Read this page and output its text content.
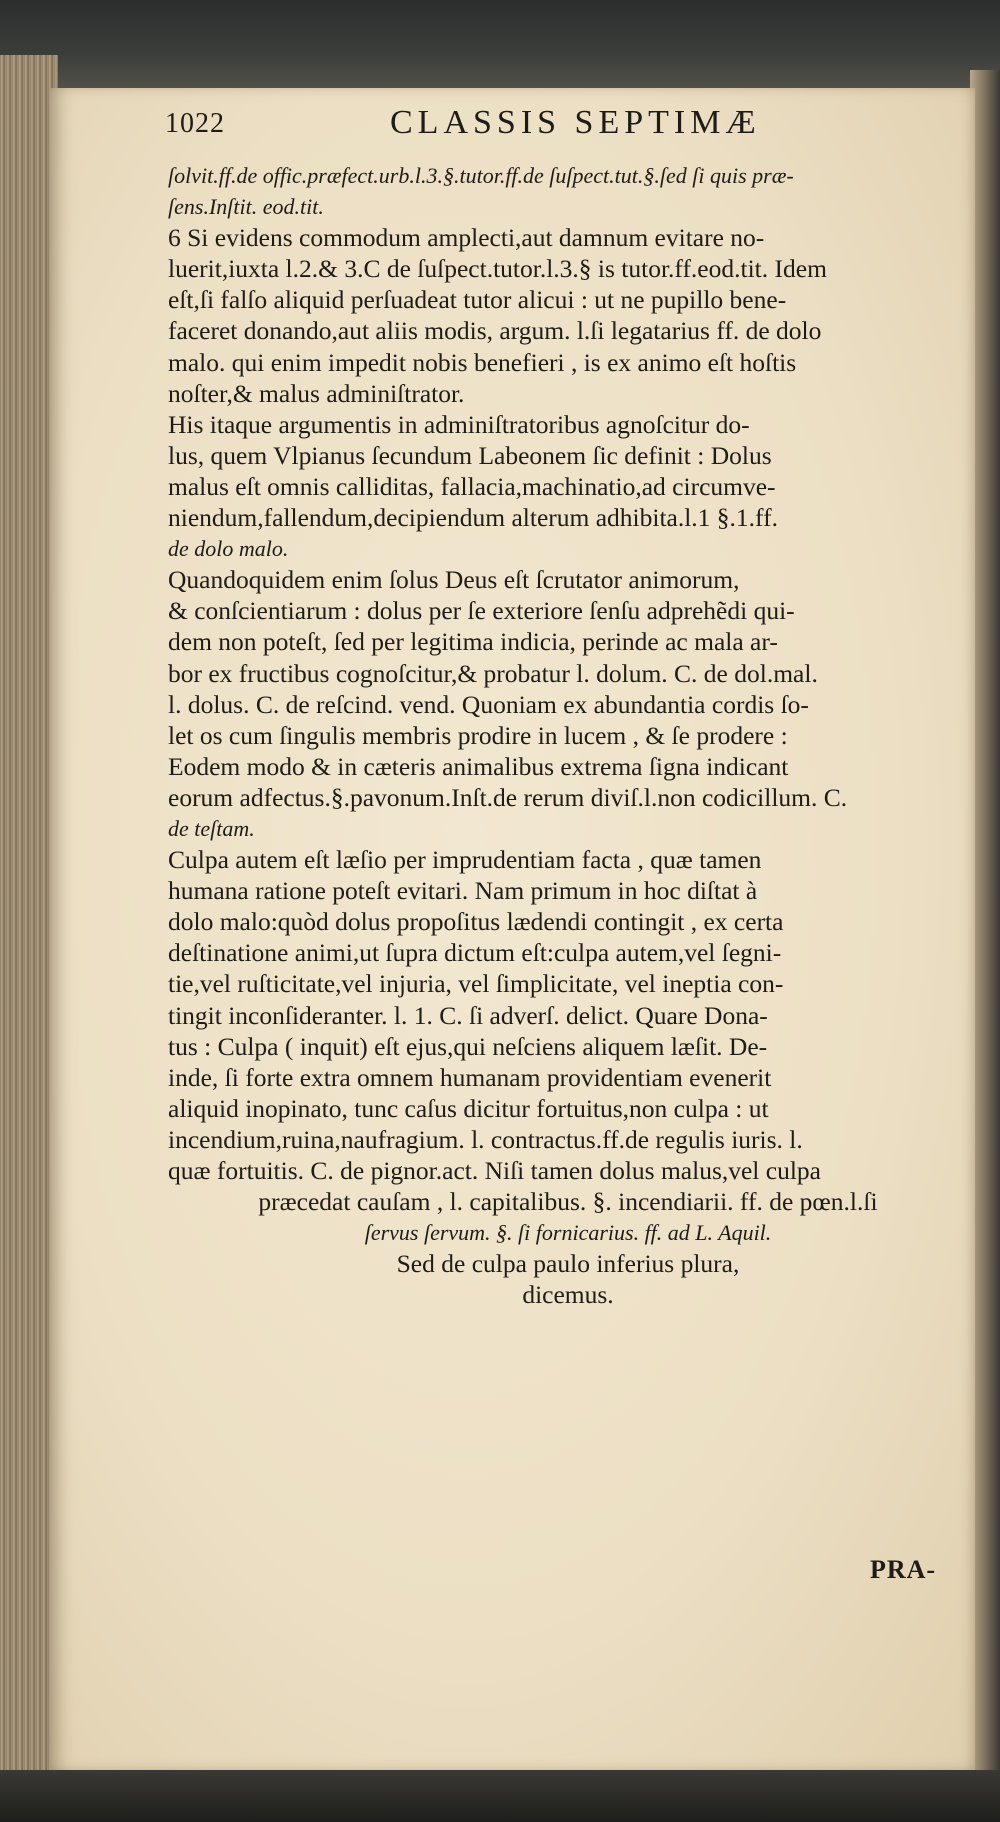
1022	CLASSIS SEPTIMÆ
ſolvit.ff.de offic.præfect.urb.l.3.§.tutor.ff.de ſuſpect.tut.§.ſed ſi quis præ-
ſens.Inſtit. eod.tit.
6 Si evidens commodum amplecti,aut damnum evitare no-
luerit,iuxta l.2.& 3.C de ſuſpect.tutor.l.3.§ is tutor.ff.eod.tit. Idem
eſt,ſi falſo aliquid perſuadeat tutor alicui : ut ne pupillo bene-
faceret donando,aut aliis modis, argum. l.ſi legatarius ff. de dolo
malo. qui enim impedit nobis benefieri , is ex animo eſt hoſtis
noſter,& malus adminiſtrator.
His itaque argumentis in adminiſtratoribus agnoſcitur do-
lus, quem Vlpianus ſecundum Labeonem ſic definit : Dolus
malus eſt omnis calliditas, fallacia,machinatio,ad circumve-
niendum,fallendum,decipiendum alterum adhibita.l.1 §.1.ff.
de dolo malo.
Quandoquidem enim ſolus Deus eſt ſcrutator animorum,
& conſcientiarum : dolus per ſe exteriore ſenſu adprehẽdi qui-
dem non poteſt, ſed per legitima indicia, perinde ac mala ar-
bor ex fructibus cognoſcitur,& probatur l. dolum. C. de dol.mal.
l. dolus. C. de reſcind. vend. Quoniam ex abundantia cordis ſo-
let os cum ſingulis membris prodire in lucem , & ſe prodere :
Eodem modo & in cæteris animalibus extrema ſigna indicant
eorum adfectus.§.pavonum.Inſt.de rerum diviſ.l.non codicillum. C.
de teſtam.
Culpa autem eſt læſio per imprudentiam facta , quæ tamen
humana ratione poteſt evitari. Nam primum in hoc diſtat à
dolo malo:quòd dolus propoſitus lædendi contingit , ex certa
deſtinatione animi,ut ſupra dictum eſt:culpa autem,vel ſegni-
tie,vel ruſticitate,vel injuria, vel ſimplicitate, vel ineptia con-
tingit inconſideranter. l. 1. C. ſi adverſ. delict. Quare Dona-
tus : Culpa ( inquit) eſt ejus,qui neſciens aliquem læſit. De-
inde, ſi forte extra omnem humanam providentiam evenerit
aliquid inopinato, tunc caſus dicitur fortuitus,non culpa : ut
incendium,ruina,naufragium. l. contractus.ff.de regulis iuris. l.
quæ fortuitis. C. de pignor.act. Niſi tamen dolus malus,vel culpa
præcedat cauſam , l. capitalibus. §. incendiarii. ff. de pœn.l.ſi
ſervus ſervum. §. ſi fornicarius. ff. ad L. Aquil.
Sed de culpa paulo inferius plura,
dicemus.
PRA-
